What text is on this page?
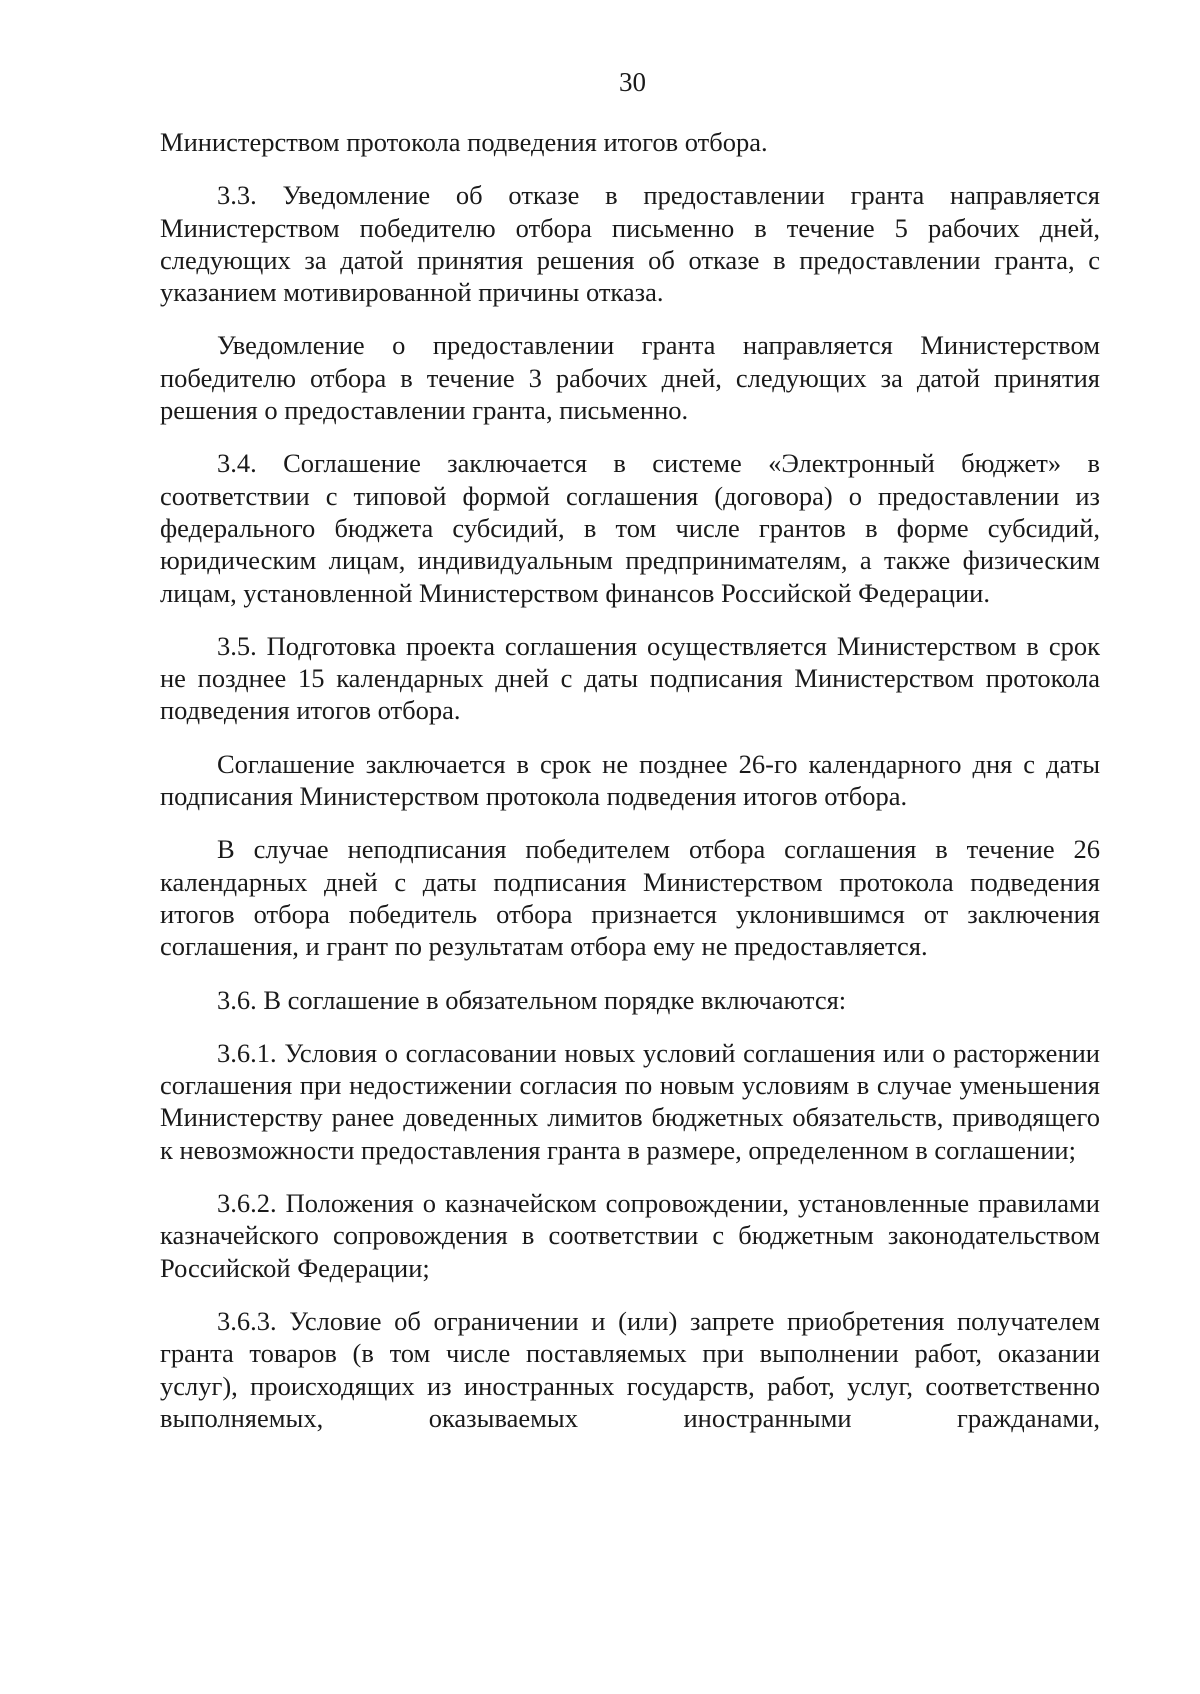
30

Министерством протокола подведения итогов отбора.

3.3. Уведомление об отказе в предоставлении гранта направляется Министерством победителю отбора письменно в течение 5 рабочих дней, следующих за датой принятия решения об отказе в предоставлении гранта, с указанием мотивированной причины отказа.

Уведомление о предоставлении гранта направляется Министерством победителю отбора в течение 3 рабочих дней, следующих за датой принятия решения о предоставлении гранта, письменно.

3.4. Соглашение заключается в системе «Электронный бюджет» в соответствии с типовой формой соглашения (договора) о предоставлении из федерального бюджета субсидий, в том числе грантов в форме субсидий, юридическим лицам, индивидуальным предпринимателям, а также физическим лицам, установленной Министерством финансов Российской Федерации.

3.5. Подготовка проекта соглашения осуществляется Министерством в срок не позднее 15 календарных дней с даты подписания Министерством протокола подведения итогов отбора.

Соглашение заключается в срок не позднее 26-го календарного дня с даты подписания Министерством протокола подведения итогов отбора.

В случае неподписания победителем отбора соглашения в течение 26 календарных дней с даты подписания Министерством протокола подведения итогов отбора победитель отбора признается уклонившимся от заключения соглашения, и грант по результатам отбора ему не предоставляется.

3.6. В соглашение в обязательном порядке включаются:

3.6.1. Условия о согласовании новых условий соглашения или о расторжении соглашения при недостижении согласия по новым условиям в случае уменьшения Министерству ранее доведенных лимитов бюджетных обязательств, приводящего к невозможности предоставления гранта в размере, определенном в соглашении;

3.6.2. Положения о казначейском сопровождении, установленные правилами казначейского сопровождения в соответствии с бюджетным законодательством Российской Федерации;

3.6.3. Условие об ограничении и (или) запрете приобретения получателем гранта товаров (в том числе поставляемых при выполнении работ, оказании услуг), происходящих из иностранных государств, работ, услуг, соответственно выполняемых, оказываемых иностранными гражданами,
